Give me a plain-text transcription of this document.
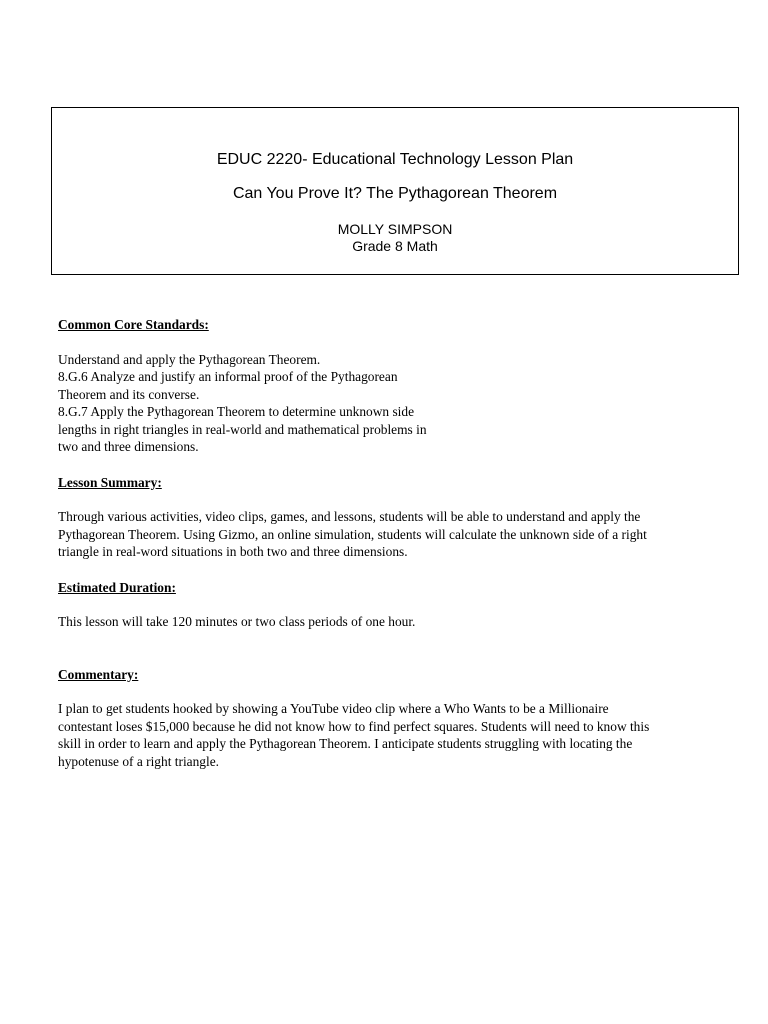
EDUC 2220- Educational Technology Lesson Plan
Can You Prove It? The Pythagorean Theorem
MOLLY SIMPSON
Grade 8 Math

Common Core Standards:

Understand and apply the Pythagorean Theorem.

8.G.6 Analyze and justify an informal proof of the Pythagorean

Theorem and its converse.

8.G.7 Apply the Pythagorean Theorem to determine unknown side

lengths in right triangles in real-world and mathematical problems in

two and three dimensions.

Lesson Summary:

Through various activities, video clips, games, and lessons, students will be able to understand and apply the

Pythagorean Theorem. Using Gizmo, an online simulation, students will calculate the unknown side of a right

triangle in real-word situations in both two and three dimensions.

Estimated Duration:

This lesson will take 120 minutes or two class periods of one hour.

Commentary:

I plan to get students hooked by showing a YouTube video clip where a Who Wants to be a Millionaire

contestant loses $15,000 because he did not know how to find perfect squares. Students will need to know this

skill in order to learn and apply the Pythagorean Theorem. I anticipate students struggling with locating the

hypotenuse of a right triangle.
